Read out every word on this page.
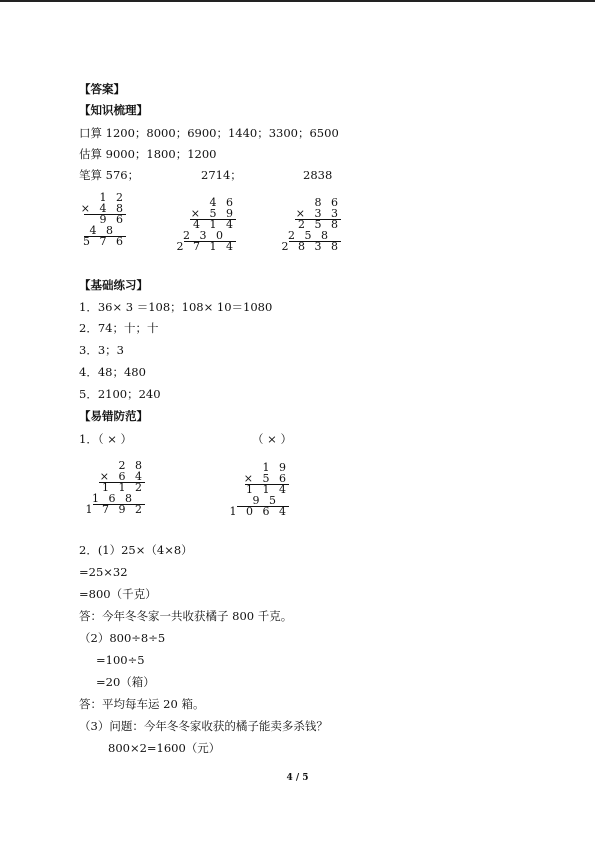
【答案】
【知识梳理】
口算 1200；8000；6900；1440；3300；6500
估算 9000；1800；1200
笔算 576；	2714；	2838
1 2
× 4 8
9 6
4 8
5 7 6
4 6
× 5 9
4 1 4
2 3 0
2 7 1 4
8 6
× 3 3
2 5 8
2 5 8
2 8 3 8
【基础练习】
1．36× 3 ＝108；108× 10＝1080
2．74；十；十
3．3；3
4．48；480
5．2100；240
【易错防范】
1．（ × ）	（ × ）
2 8
× 6 4
1 1 2
1 6 8
1 7 9 2
1 9
× 5 6
1 1 4
9 5
1 0 6 4
2．(1）25×（4×8）
=25×32
=800（千克）
答：今年冬冬家一共收获橘子 800 千克。
（2）800÷8÷5
=100÷5
=20（箱）
答：平均每车运 20 箱。
（3）问题：今年冬冬家收获的橘子能卖多杀钱？
800×2=1600（元）
4 / 5
